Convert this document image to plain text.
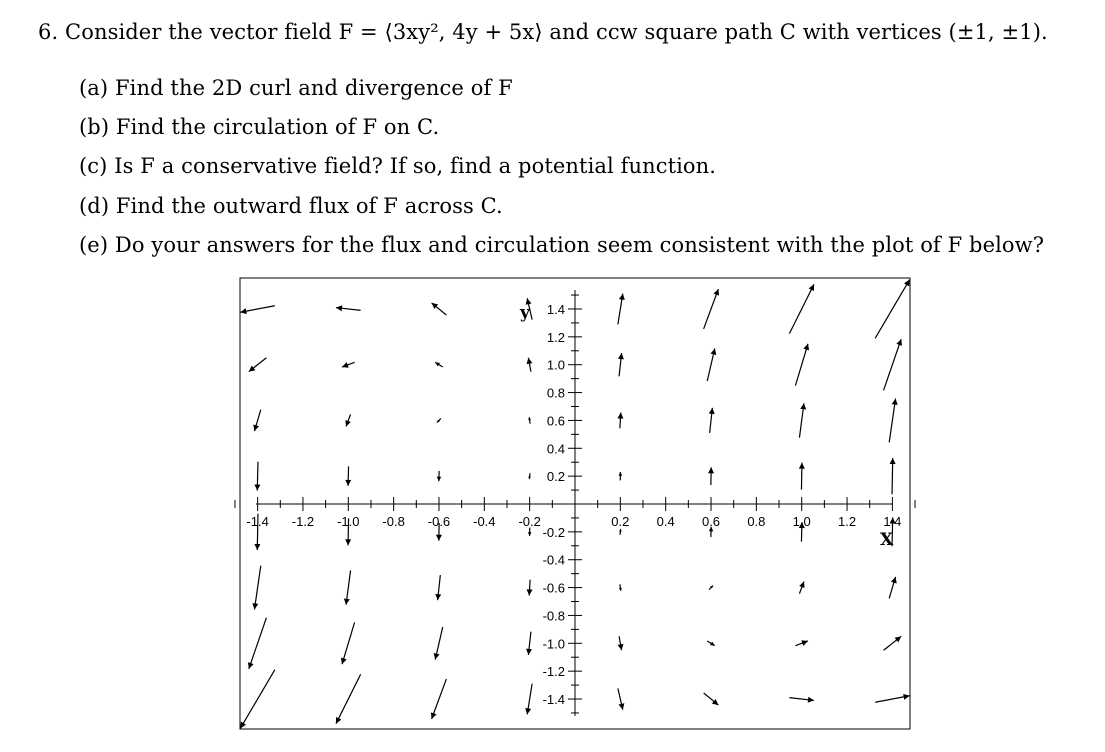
6. Consider the vector field F = ⟨3xy², 4y + 5x⟩ and ccw square path C with vertices (±1, ±1).
(a) Find the 2D curl and divergence of F
(b) Find the circulation of F on C.
(c) Is F a conservative field? If so, find a potential function.
(d) Find the outward flux of F across C.
(e) Do your answers for the flux and circulation seem consistent with the plot of F below?
-1.4 -1.2 -1.0 -0.8 -0.6 -0.4 -0.2	0.2 0.4 0.6 0.8 1.0 1.2 1.4
1.4
1.2
1.0
0.8
0.6
0.4
0.2
-0.2
-0.4
-0.6
-0.8
-1.0
-1.2
-1.4
y
X
